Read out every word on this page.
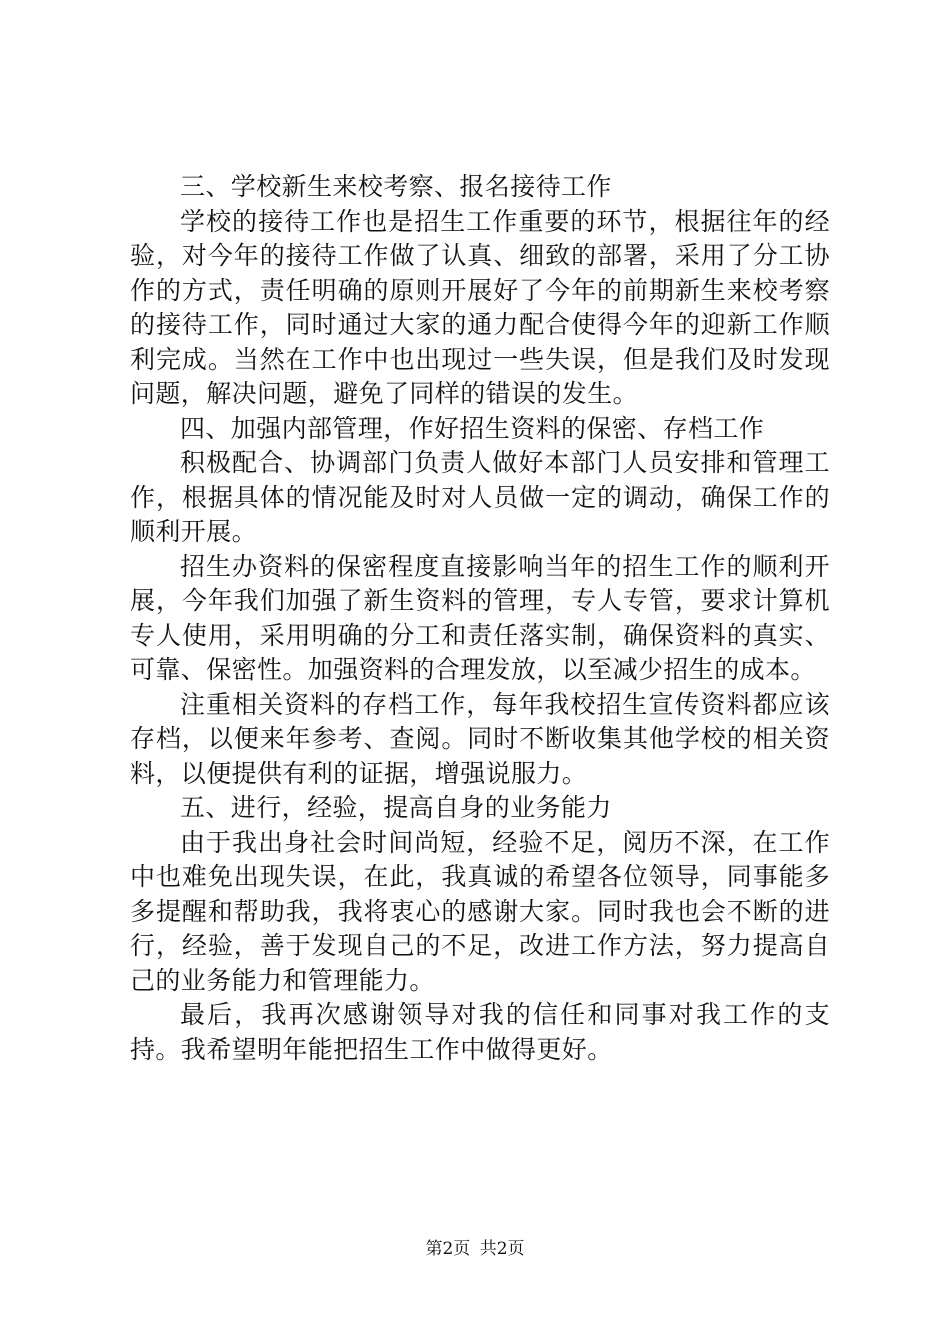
三、学校新生来校考察、报名接待工作

学校的接待工作也是招生工作重要的环节，根据往年的经验，对今年的接待工作做了认真、细致的部署，采用了分工协作的方式，责任明确的原则开展好了今年的前期新生来校考察的接待工作，同时通过大家的通力配合使得今年的迎新工作顺利完成。当然在工作中也出现过一些失误，但是我们及时发现问题，解决问题，避免了同样的错误的发生。

四、加强内部管理，作好招生资料的保密、存档工作

积极配合、协调部门负责人做好本部门人员安排和管理工作，根据具体的情况能及时对人员做一定的调动，确保工作的顺利开展。

招生办资料的保密程度直接影响当年的招生工作的顺利开展，今年我们加强了新生资料的管理，专人专管，要求计算机专人使用，采用明确的分工和责任落实制，确保资料的真实、可靠、保密性。加强资料的合理发放，以至减少招生的成本。

注重相关资料的存档工作，每年我校招生宣传资料都应该存档，以便来年参考、查阅。同时不断收集其他学校的相关资料，以便提供有利的证据，增强说服力。

五、进行，经验，提高自身的业务能力

由于我出身社会时间尚短，经验不足，阅历不深，在工作中也难免出现失误，在此，我真诚的希望各位领导，同事能多多提醒和帮助我，我将衷心的感谢大家。同时我也会不断的进行，经验，善于发现自己的不足，改进工作方法，努力提高自己的业务能力和管理能力。

最后，我再次感谢领导对我的信任和同事对我工作的支持。我希望明年能把招生工作中做得更好。

第2页 共2页
